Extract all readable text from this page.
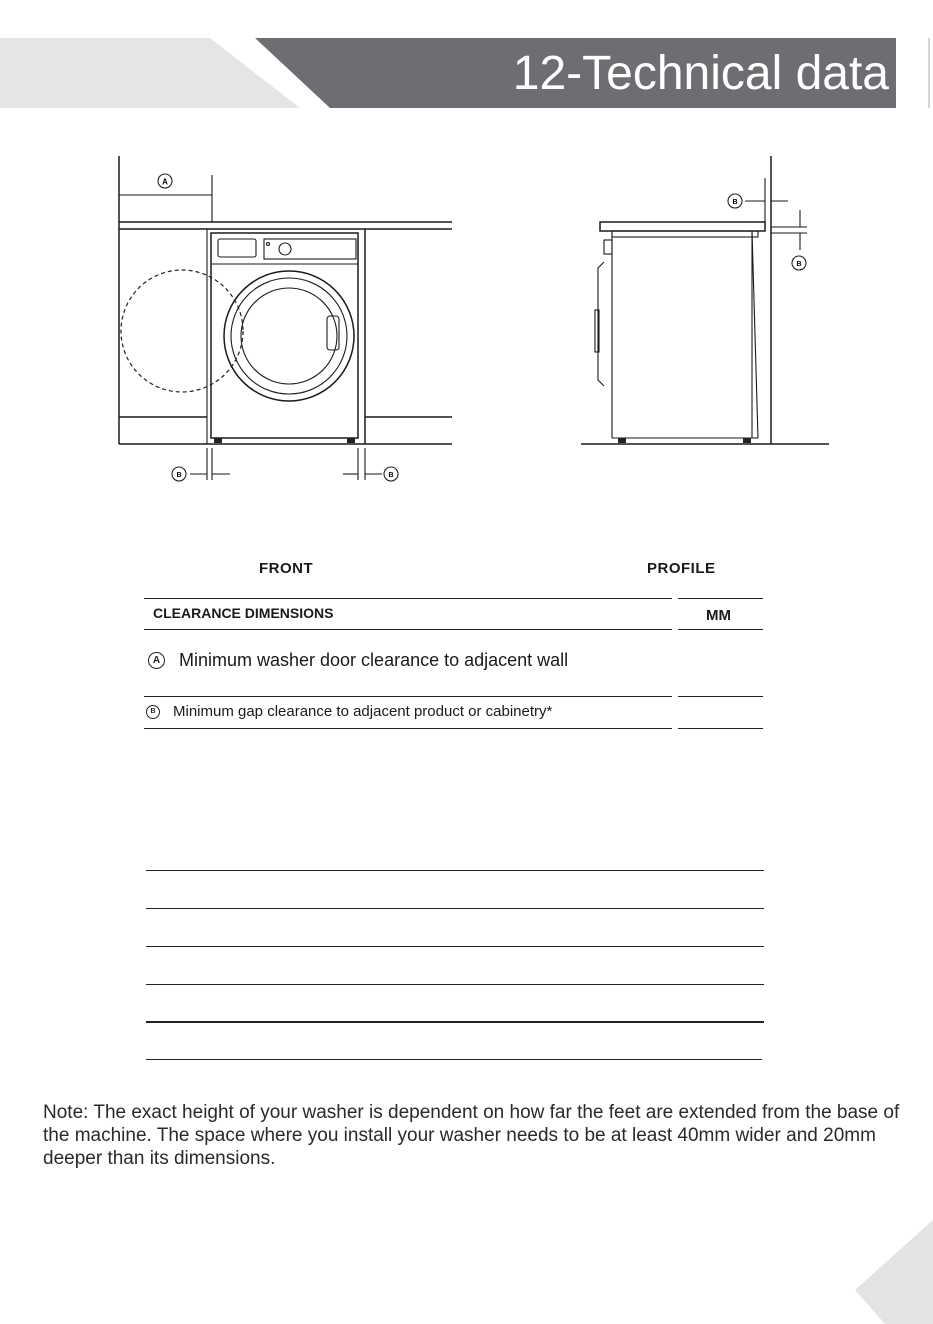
12-Technical data
A
B	B
B
B
FRONT	PROFILE
CLEARANCE DIMENSIONS	MM
A Minimum washer door clearance to adjacent wall
B Minimum gap clearance to adjacent product or cabinetry*
Note: The exact height of your washer is dependent on how far the feet are extended from the base of the machine. The space where you install your washer needs to be at least 40mm wider and 20mm deeper than its dimensions.
